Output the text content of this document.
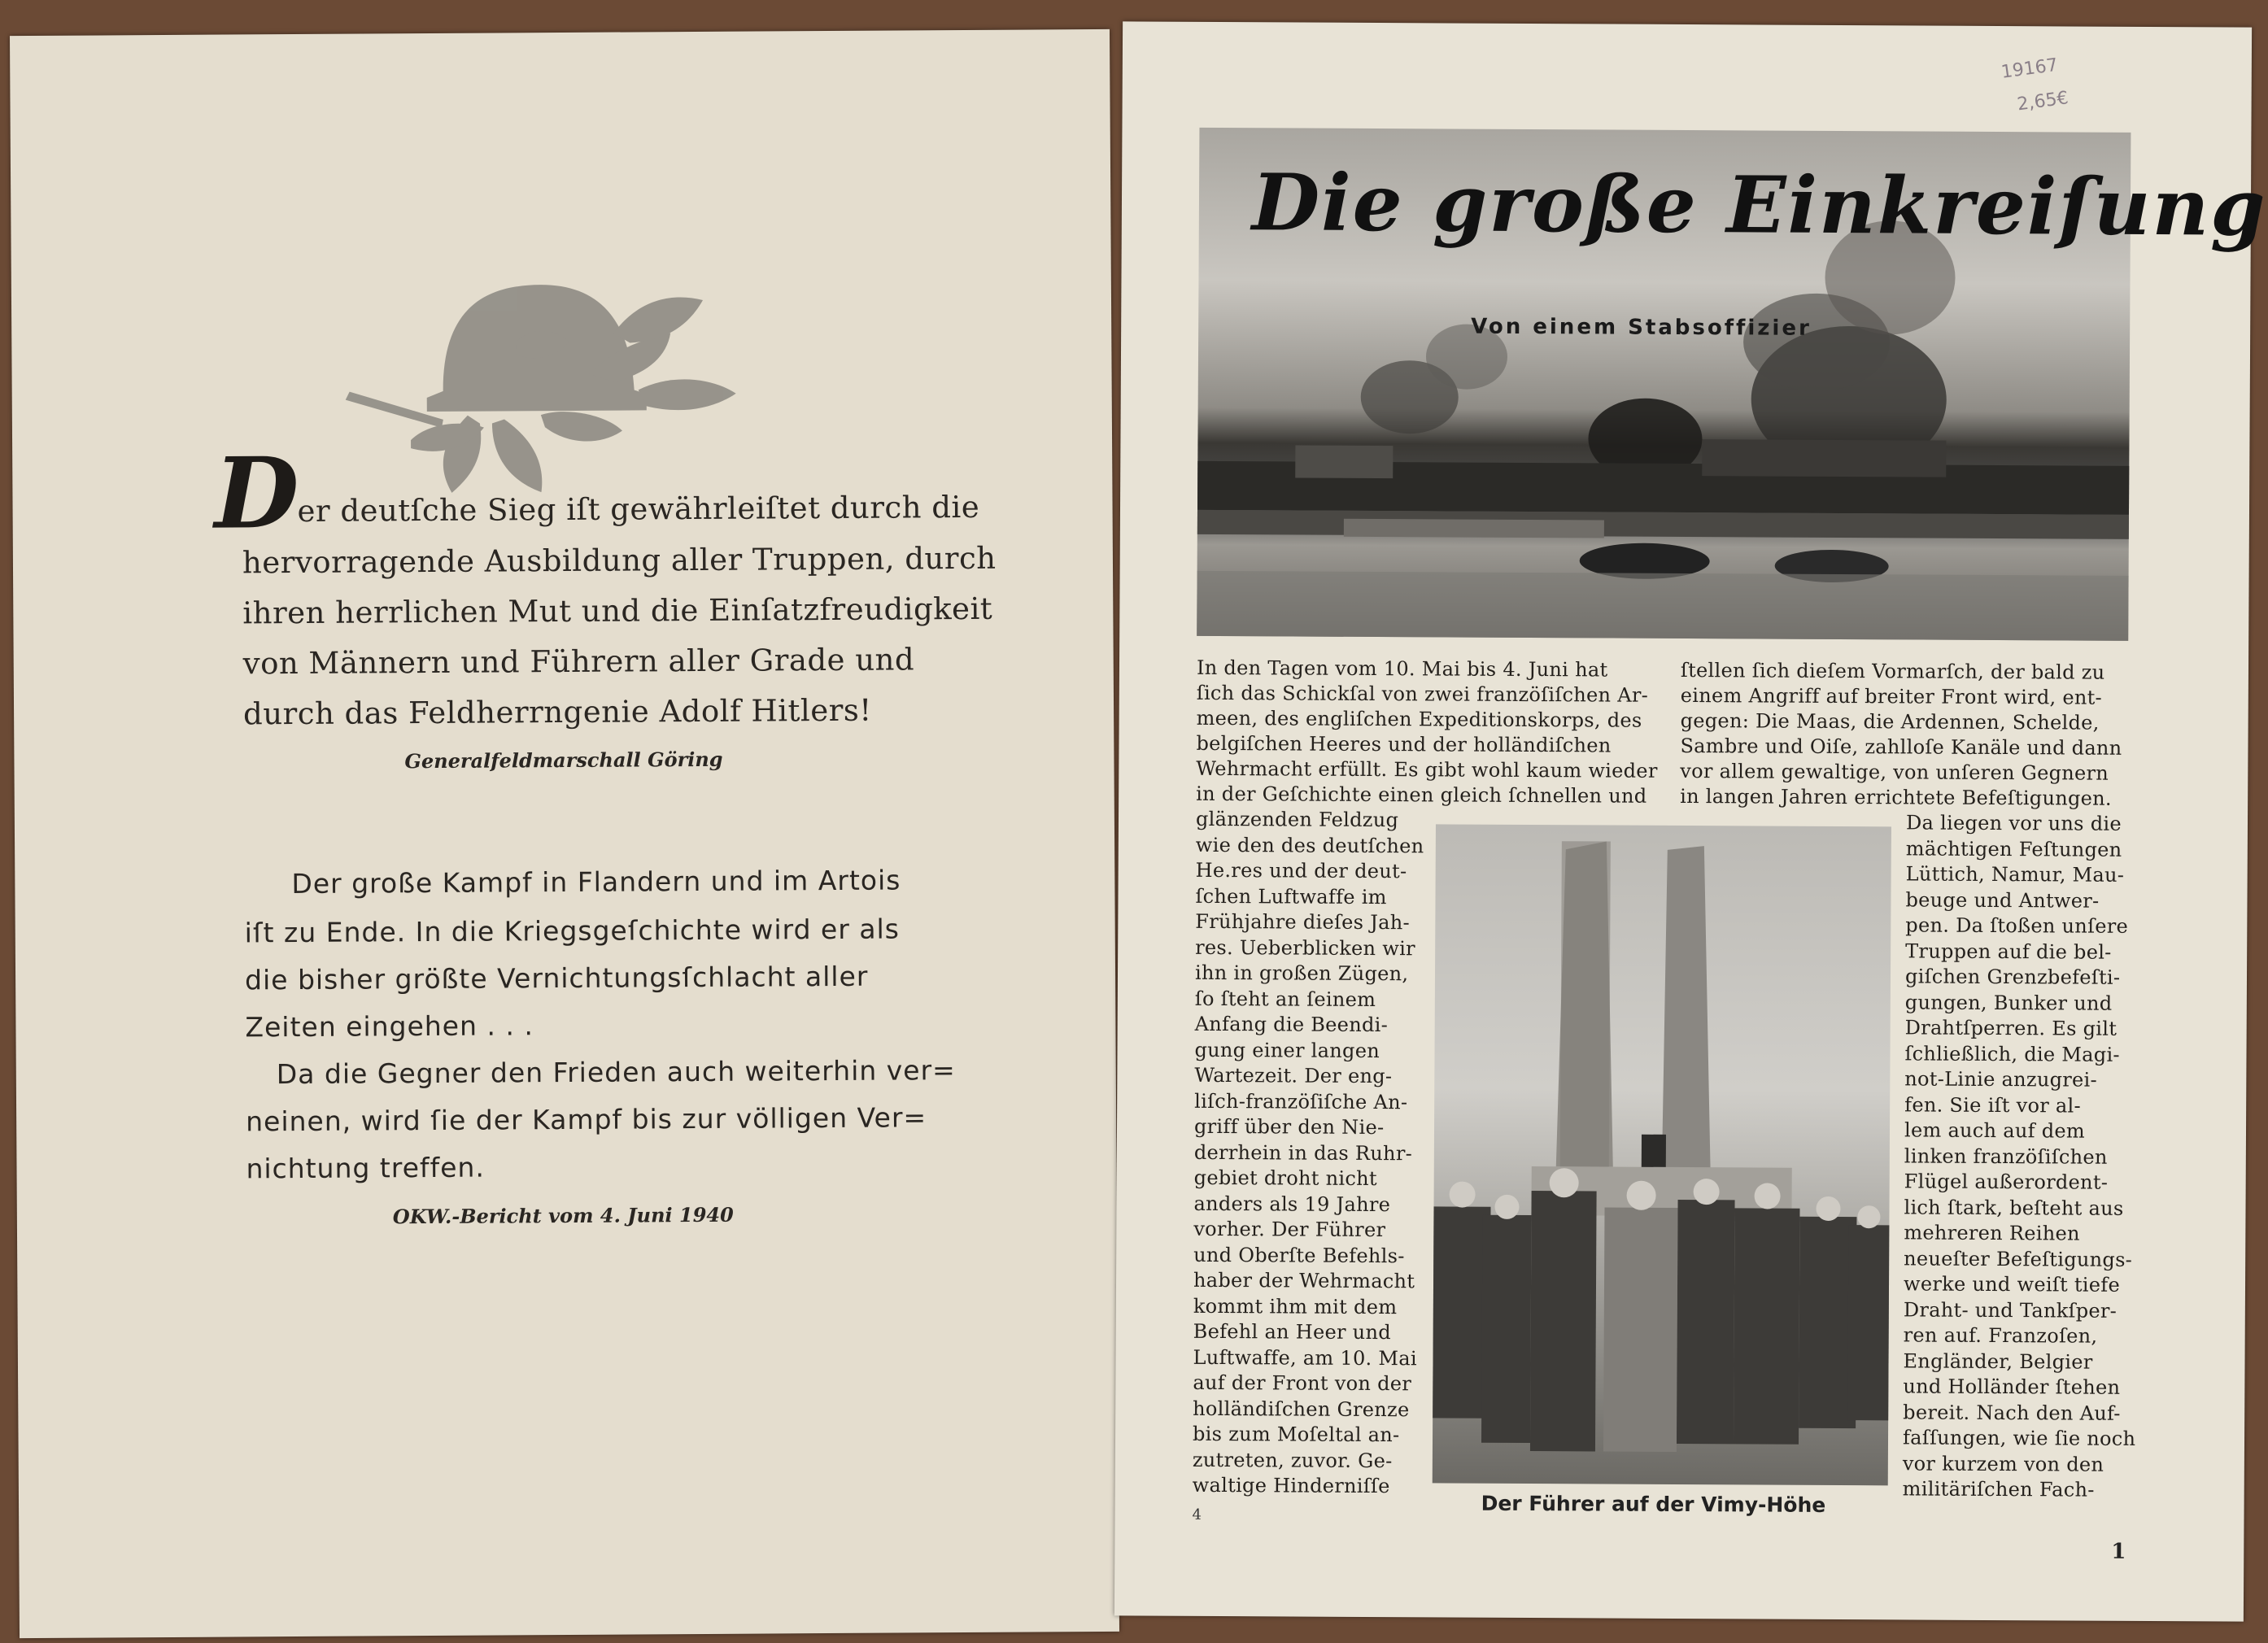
D
er deutſche Sieg iſt gewährleiſtet durch die
hervorragende Ausbildung aller Truppen, durch
ihren herrlichen Mut und die Einſatzfreudigkeit
von Männern und Führern aller Grade und
durch das Feldherrngenie Adolf Hitlers!
Generalfeldmarschall Göring
Der große Kampf in Flandern und im Artois
iſt zu Ende. In die Kriegsgeſchichte wird er als
die bisher größte Vernichtungsſchlacht aller
Zeiten eingehen . . .
Da die Gegner den Frieden auch weiterhin ver=
neinen, wird ſie der Kampf bis zur völligen Ver=
nichtung treffen.
OKW.-Bericht vom 4. Juni 1940
19167
2,65€
Die große Einkreiſung
Von einem Stabsoffizier
In den Tagen vom 10. Mai bis 4. Juni hat
ſich das Schickſal von zwei franzöſiſchen Ar-
meen, des engliſchen Expeditionskorps, des
belgiſchen Heeres und der holländiſchen
Wehrmacht erfüllt. Es gibt wohl kaum wieder
in der Geſchichte einen gleich ſchnellen und
ſtellen ſich dieſem Vormarſch, der bald zu
einem Angriff auf breiter Front wird, ent-
gegen: Die Maas, die Ardennen, Schelde,
Sambre und Oiſe, zahlloſe Kanäle und dann
vor allem gewaltige, von unſeren Gegnern
in langen Jahren errichtete Befeſtigungen.
glänzenden Feldzug
wie den des deutſchen
He.res und der deut-
ſchen Luftwaffe im
Frühjahre dieſes Jah-
res. Ueberblicken wir
ihn in großen Zügen,
ſo ſteht an ſeinem
Anfang die Beendi-
gung einer langen
Wartezeit. Der eng-
liſch-franzöſiſche An-
griff über den Nie-
derrhein in das Ruhr-
gebiet droht nicht
anders als 19 Jahre
vorher. Der Führer
und Oberſte Befehls-
haber der Wehrmacht
kommt ihm mit dem
Befehl an Heer und
Luftwaffe, am 10. Mai
auf der Front von der
holländiſchen Grenze
bis zum Moſeltal an-
zutreten, zuvor. Ge-
waltige Hinderniſſe
Da liegen vor uns die
mächtigen Feſtungen
Lüttich, Namur, Mau-
beuge und Antwer-
pen. Da ſtoßen unſere
Truppen auf die bel-
giſchen Grenzbefeſti-
gungen, Bunker und
Drahtſperren. Es gilt
ſchließlich, die Magi-
not-Linie anzugrei-
fen. Sie iſt vor al-
lem auch auf dem
linken franzöſiſchen
Flügel außerordent-
lich ſtark, beſteht aus
mehreren Reihen
neueſter Befeſtigungs-
werke und weiſt tiefe
Draht- und Tankſper-
ren auf. Franzoſen,
Engländer, Belgier
und Holländer ſtehen
bereit. Nach den Auf-
faſſungen, wie ſie noch
vor kurzem von den
militäriſchen Fach-
Der Führer auf der Vimy-Höhe
4
1
